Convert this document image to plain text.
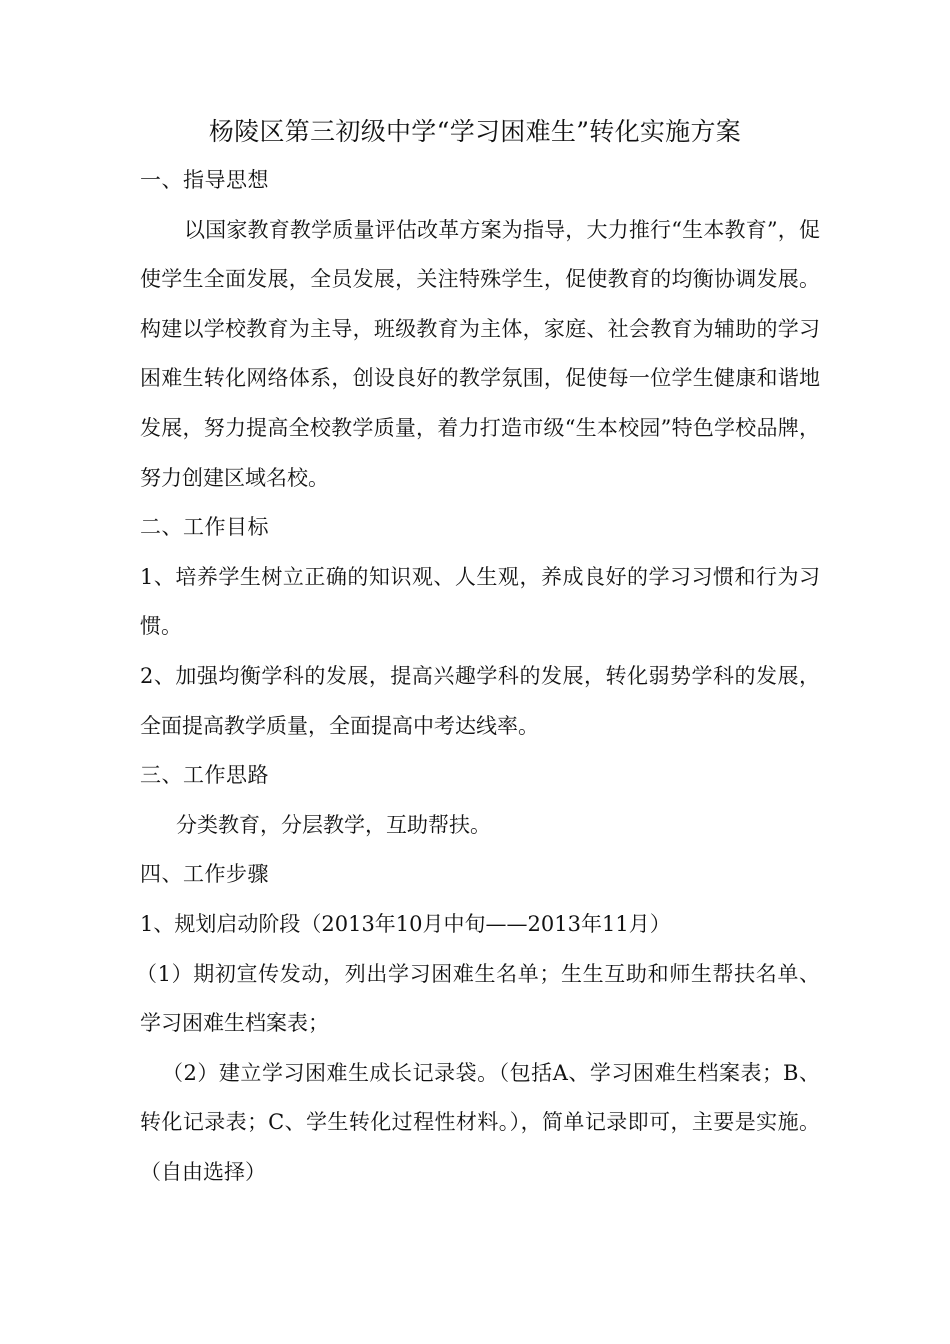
杨陵区第三初级中学“学习困难生”转化实施方案

一、指导思想

以国家教育教学质量评估改革方案为指导，大力推行“生本教育”，促使学生全面发展，全员发展，关注特殊学生，促使教育的均衡协调发展。构建以学校教育为主导，班级教育为主体，家庭、社会教育为辅助的学习困难生转化网络体系，创设良好的教学氛围，促使每一位学生健康和谐地发展，努力提高全校教学质量，着力打造市级“生本校园”特色学校品牌，努力创建区域名校。

二、工作目标

1、培养学生树立正确的知识观、人生观，养成良好的学习习惯和行为习惯。

2、加强均衡学科的发展，提高兴趣学科的发展，转化弱势学科的发展，全面提高教学质量，全面提高中考达线率。

三、工作思路

分类教育，分层教学，互助帮扶。

四、工作步骤

1、规划启动阶段（2013年10月中旬——2013年11月）

（1）期初宣传发动，列出学习困难生名单；生生互助和师生帮扶名单、学习困难生档案表；

（2）建立学习困难生成长记录袋。（包括A、学习困难生档案表；B、转化记录表；C、学生转化过程性材料。），简单记录即可，主要是实施。（自由选择）
